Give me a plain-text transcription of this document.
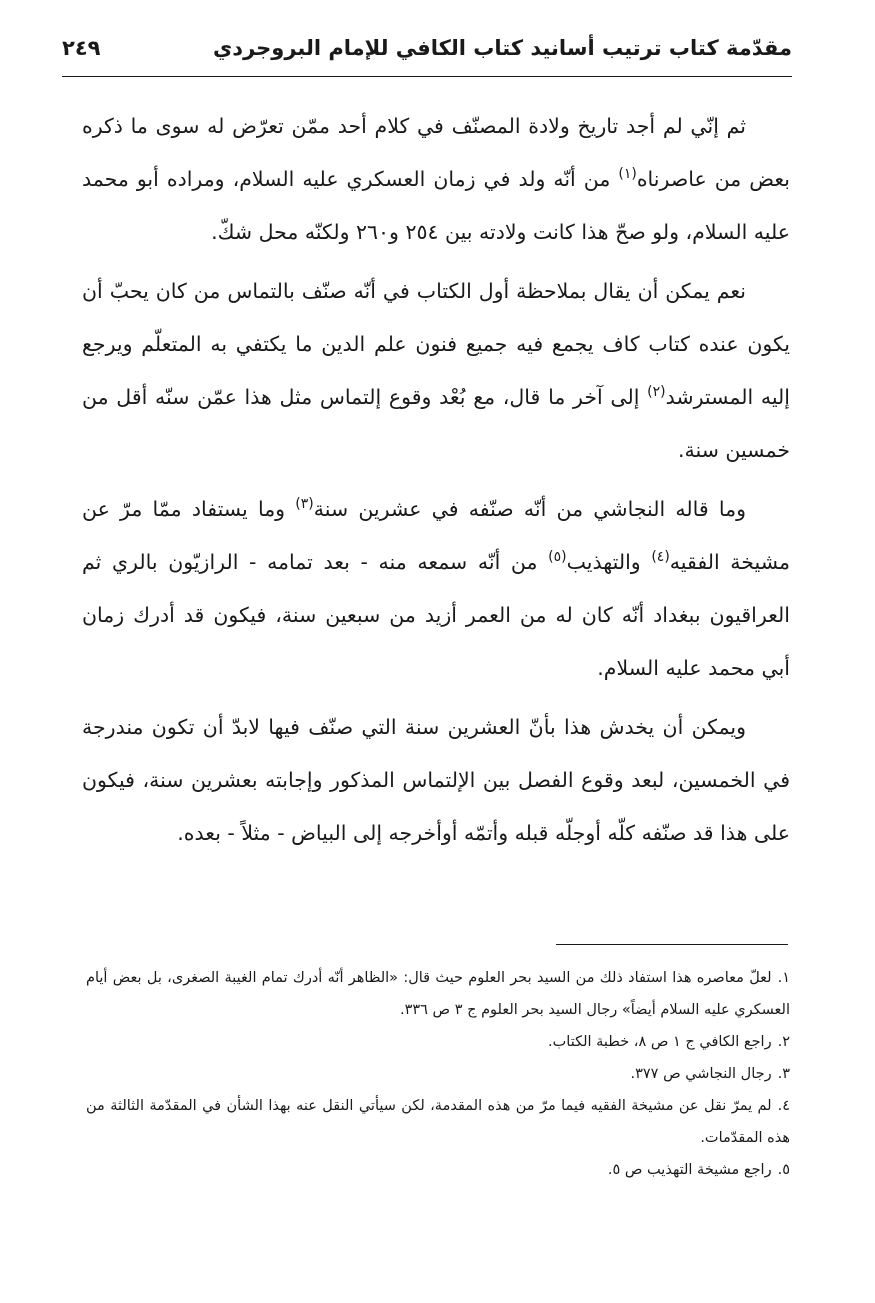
مقدّمة كتاب ترتيب أسانيد كتاب الكافي للإمام البروجردي
٢٤٩

ثم إنّي لم أجد تاريخ ولادة المصنّف في كلام أحد ممّن تعرّض له سوى ما ذكره بعض من عاصرناه$^{(١)}$ من أنّه ولد في زمان العسكري عليه السلام، ومراده أبو محمد عليه السلام، ولو صحّ هذا كانت ولادته بين ٢٥٤ و٢٦٠ ولكنّه محل شكّ.

نعم يمكن أن يقال بملاحظة أول الكتاب في أنّه صنّف بالتماس من كان يحبّ أن يكون عنده كتاب كاف يجمع فيه جميع فنون علم الدين ما يكتفي به المتعلّم ويرجع إليه المسترشد$^{(٢)}$ إلى آخر ما قال، مع بُعْد وقوع إلتماس مثل هذا عمّن سنّه أقل من خمسين سنة.

وما قاله النجاشي من أنّه صنّفه في عشرين سنة$^{(٣)}$ وما يستفاد ممّا مرّ عن مشيخة الفقيه$^{(٤)}$ والتهذيب$^{(٥)}$ من أنّه سمعه منه - بعد تمامه - الرازيّون بالري ثم العراقيون ببغداد أنّه كان له من العمر أزيد من سبعين سنة، فيكون قد أدرك زمان أبي محمد عليه السلام.

ويمكن أن يخدش هذا بأنّ العشرين سنة التي صنّف فيها لابدّ أن تكون مندرجة في الخمسين، لبعد وقوع الفصل بين الإلتماس المذكور وإجابته بعشرين سنة، فيكون على هذا قد صنّفه كلّه أوجلّه قبله وأتمّه أوأخرجه إلى البياض - مثلاً - بعده.

١.لعلّ معاصره هذا استفاد ذلك من السيد بحر العلوم حيث قال: «الظاهر أنّه أدرك تمام الغيبة الصغرى، بل بعض أيام العسكري عليه السلام أيضاً» رجال السيد بحر العلوم ج ٣ ص ٣٣٦.

٢.راجع الكافي ج ١ ص ٨، خطبة الكتاب.

٣.رجال النجاشي ص ٣٧٧.

٤.لم يمرّ نقل عن مشيخة الفقيه فيما مرّ من هذه المقدمة، لكن سيأتي النقل عنه بهذا الشأن في المقدّمة الثالثة من هذه المقدّمات.

٥.راجع مشيخة التهذيب ص ٥.
